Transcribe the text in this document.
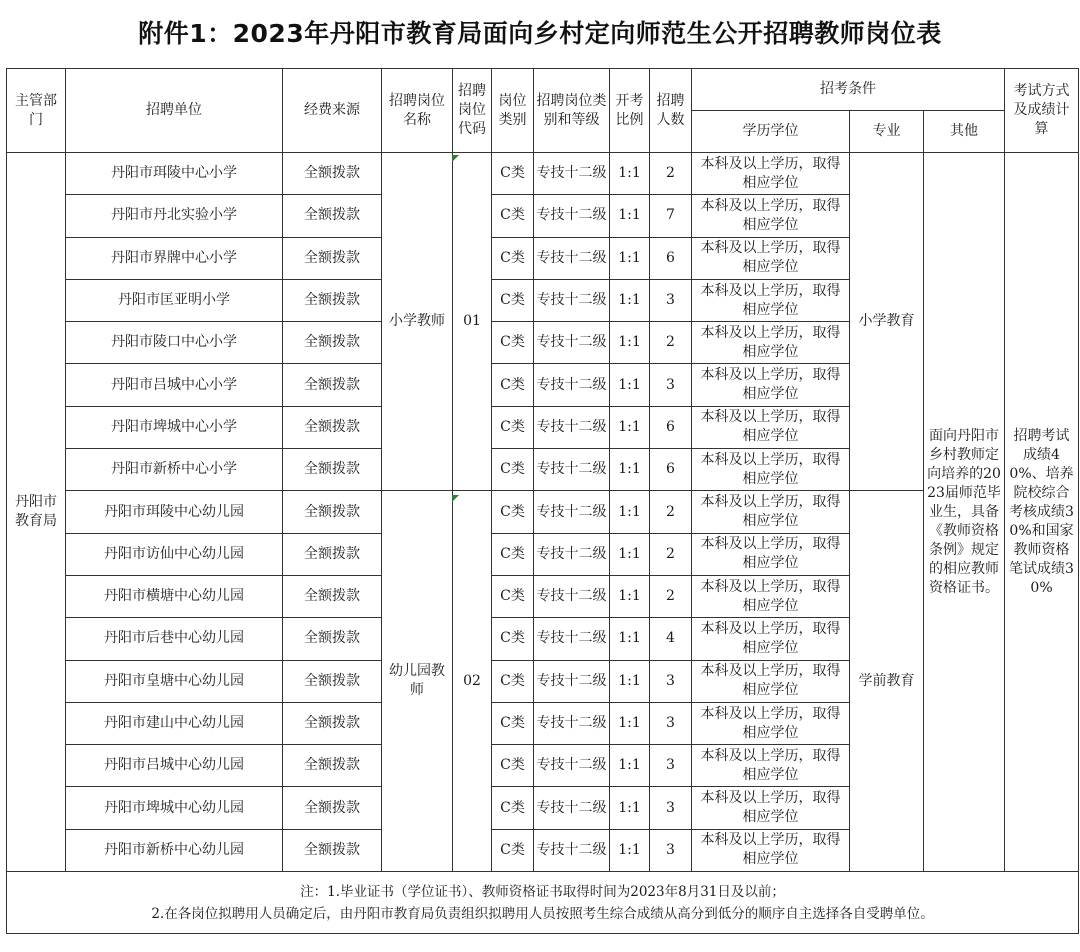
附件1：2023年丹阳市教育局面向乡村定向师范生公开招聘教师岗位表
主管部门	招聘单位	经费来源	招聘岗位名称	招聘岗位代码	岗位类别	招聘岗位类别和等级	开考比例	招聘人数	招考条件			考试方式及成绩计算
									学历学位	专业	其他	
丹阳市教育局	丹阳市珥陵中心小学	全额拨款	小学教师	01	C类	专技十二级	1:1	2	本科及以上学历，取得相应学位	小学教育	面向丹阳市乡村教师定向培养的2023届师范毕业生，具备《教师资格条例》规定的相应教师资格证书。	招聘考试成绩40%、培养院校综合考核成绩30%和国家教师资格笔试成绩30%
	丹阳市丹北实验小学	全额拨款			C类	专技十二级	1:1	7	本科及以上学历，取得相应学位			
	丹阳市界牌中心小学	全额拨款			C类	专技十二级	1:1	6	本科及以上学历，取得相应学位			
	丹阳市匡亚明小学	全额拨款			C类	专技十二级	1:1	3	本科及以上学历，取得相应学位			
	丹阳市陵口中心小学	全额拨款			C类	专技十二级	1:1	2	本科及以上学历，取得相应学位			
	丹阳市吕城中心小学	全额拨款			C类	专技十二级	1:1	3	本科及以上学历，取得相应学位			
	丹阳市埤城中心小学	全额拨款			C类	专技十二级	1:1	6	本科及以上学历，取得相应学位			
	丹阳市新桥中心小学	全额拨款			C类	专技十二级	1:1	6	本科及以上学历，取得相应学位			
	丹阳市珥陵中心幼儿园	全额拨款	幼儿园教师	02	C类	专技十二级	1:1	2	本科及以上学历，取得相应学位	学前教育		
	丹阳市访仙中心幼儿园	全额拨款			C类	专技十二级	1:1	2	本科及以上学历，取得相应学位			
	丹阳市横塘中心幼儿园	全额拨款			C类	专技十二级	1:1	2	本科及以上学历，取得相应学位			
	丹阳市后巷中心幼儿园	全额拨款			C类	专技十二级	1:1	4	本科及以上学历，取得相应学位			
	丹阳市皇塘中心幼儿园	全额拨款			C类	专技十二级	1:1	3	本科及以上学历，取得相应学位			
	丹阳市建山中心幼儿园	全额拨款			C类	专技十二级	1:1	3	本科及以上学历，取得相应学位			
	丹阳市吕城中心幼儿园	全额拨款			C类	专技十二级	1:1	3	本科及以上学历，取得相应学位			
	丹阳市埤城中心幼儿园	全额拨款			C类	专技十二级	1:1	3	本科及以上学历，取得相应学位			
	丹阳市新桥中心幼儿园	全额拨款			C类	专技十二级	1:1	3	本科及以上学历，取得相应学位			

注：1.毕业证书（学位证书）、教师资格证书取得时间为2023年8月31日及以前；
2.在各岗位拟聘用人员确定后，由丹阳市教育局负责组织拟聘用人员按照考生综合成绩从高分到低分的顺序自主选择各自受聘单位。												
